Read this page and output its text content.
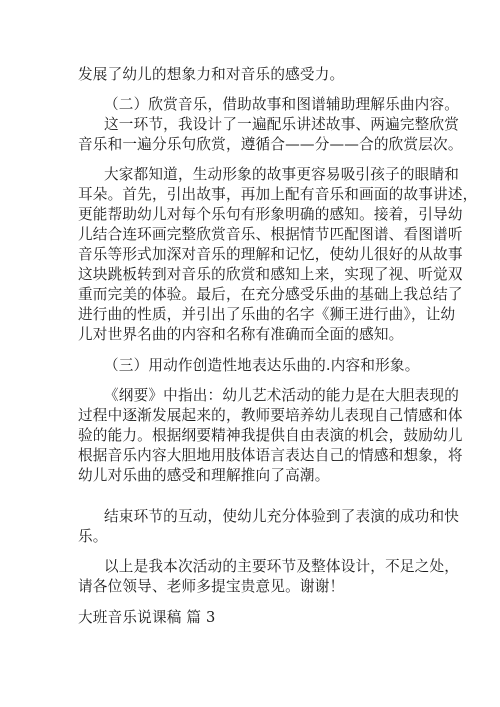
发展了幼儿的想象力和对音乐的感受力。
（二）欣赏音乐，借助故事和图谱辅助理解乐曲内容。
这一环节，我设计了一遍配乐讲述故事、两遍完整欣赏
音乐和一遍分乐句欣赏，遵循合——分——合的欣赏层次。
大家都知道，生动形象的故事更容易吸引孩子的眼睛和
耳朵。首先，引出故事，再加上配有音乐和画面的故事讲述，
更能帮助幼儿对每个乐句有形象明确的感知。接着，引导幼
儿结合连环画完整欣赏音乐、根据情节匹配图谱、看图谱听
音乐等形式加深对音乐的理解和记忆，使幼儿很好的从故事
这块跳板转到对音乐的欣赏和感知上来，实现了视、听觉双
重而完美的体验。最后，在充分感受乐曲的基础上我总结了
进行曲的性质，并引出了乐曲的名字《狮王进行曲》，让幼
儿对世界名曲的内容和名称有准确而全面的感知。
（三）用动作创造性地表达乐曲的.内容和形象。
《纲要》中指出：幼儿艺术活动的能力是在大胆表现的
过程中逐渐发展起来的，教师要培养幼儿表现自己情感和体
验的能力。根据纲要精神我提供自由表演的机会，鼓励幼儿
根据音乐内容大胆地用肢体语言表达自己的情感和想象，将
幼儿对乐曲的感受和理解推向了高潮。
结束环节的互动，使幼儿充分体验到了表演的成功和快
乐。
以上是我本次活动的主要环节及整体设计，不足之处，
请各位领导、老师多提宝贵意见。谢谢！
大班音乐说课稿 篇 3
